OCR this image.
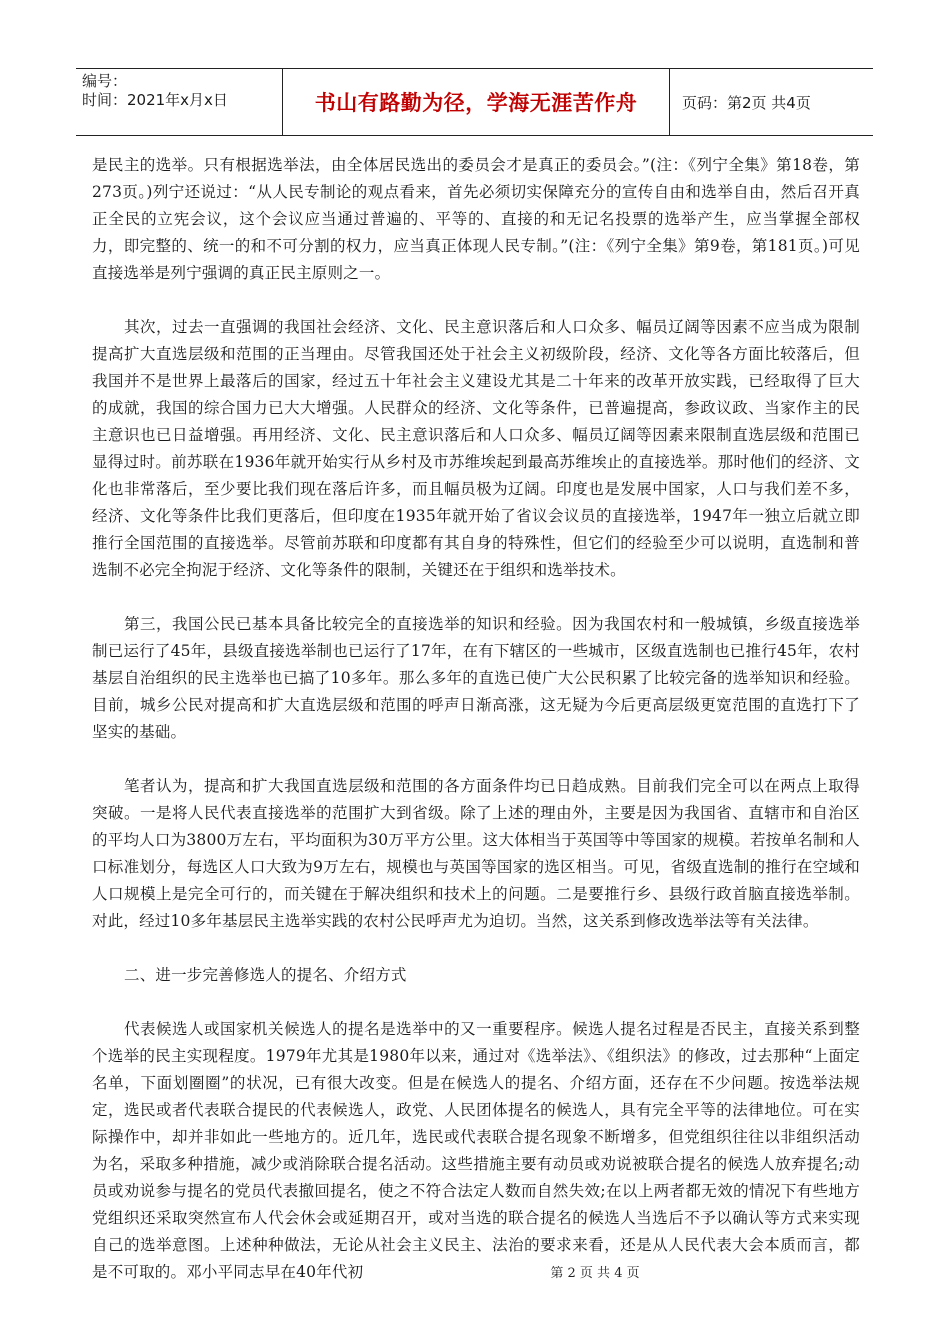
编号：
时间：2021年x月x日	书山有路勤为径，学海无涯苦作舟	页码：第2页 共4页

是民主的选举。只有根据选举法，由全体居民选出的委员会才是真正的委员会。”(注：《列宁全集》第18卷，第273页。)列宁还说过：“从人民专制论的观点看来，首先必须切实保障充分的宣传自由和选举自由，然后召开真正全民的立宪会议，这个会议应当通过普遍的、平等的、直接的和无记名投票的选举产生，应当掌握全部权力，即完整的、统一的和不可分割的权力，应当真正体现人民专制。”(注：《列宁全集》第9卷，第181页。)可见直接选举是列宁强调的真正民主原则之一。

其次，过去一直强调的我国社会经济、文化、民主意识落后和人口众多、幅员辽阔等因素不应当成为限制提高扩大直选层级和范围的正当理由。尽管我国还处于社会主义初级阶段，经济、文化等各方面比较落后，但我国并不是世界上最落后的国家，经过五十年社会主义建设尤其是二十年来的改革开放实践，已经取得了巨大的成就，我国的综合国力已大大增强。人民群众的经济、文化等条件，已普遍提高，参政议政、当家作主的民主意识也已日益增强。再用经济、文化、民主意识落后和人口众多、幅员辽阔等因素来限制直选层级和范围已显得过时。前苏联在1936年就开始实行从乡村及市苏维埃起到最高苏维埃止的直接选举。那时他们的经济、文化也非常落后，至少要比我们现在落后许多，而且幅员极为辽阔。印度也是发展中国家，人口与我们差不多，经济、文化等条件比我们更落后，但印度在1935年就开始了省议会议员的直接选举，1947年一独立后就立即推行全国范围的直接选举。尽管前苏联和印度都有其自身的特殊性，但它们的经验至少可以说明，直选制和普选制不必完全拘泥于经济、文化等条件的限制，关键还在于组织和选举技术。

第三，我国公民已基本具备比较完全的直接选举的知识和经验。因为我国农村和一般城镇，乡级直接选举制已运行了45年，县级直接选举制也已运行了17年，在有下辖区的一些城市，区级直选制也已推行45年，农村基层自治组织的民主选举也已搞了10多年。那么多年的直选已使广大公民积累了比较完备的选举知识和经验。目前，城乡公民对提高和扩大直选层级和范围的呼声日渐高涨，这无疑为今后更高层级更宽范围的直选打下了坚实的基础。

笔者认为，提高和扩大我国直选层级和范围的各方面条件均已日趋成熟。目前我们完全可以在两点上取得突破。一是将人民代表直接选举的范围扩大到省级。除了上述的理由外，主要是因为我国省、直辖市和自治区的平均人口为3800万左右，平均面积为30万平方公里。这大体相当于英国等中等国家的规模。若按单名制和人口标准划分，每选区人口大致为9万左右，规模也与英国等国家的选区相当。可见，省级直选制的推行在空域和人口规模上是完全可行的，而关键在于解决组织和技术上的问题。二是要推行乡、县级行政首脑直接选举制。对此，经过10多年基层民主选举实践的农村公民呼声尤为迫切。当然，这关系到修改选举法等有关法律。

二、进一步完善修选人的提名、介绍方式

代表候选人或国家机关候选人的提名是选举中的又一重要程序。候选人提名过程是否民主，直接关系到整个选举的民主实现程度。1979年尤其是1980年以来，通过对《选举法》、《组织法》的修改，过去那种“上面定名单，下面划圈圈”的状况，已有很大改变。但是在候选人的提名、介绍方面，还存在不少问题。按选举法规定，选民或者代表联合提民的代表候选人，政党、人民团体提名的候选人，具有完全平等的法律地位。可在实际操作中，却并非如此一些地方的。近几年，选民或代表联合提名现象不断增多，但党组织往往以非组织活动为名，采取多种措施，减少或消除联合提名活动。这些措施主要有动员或劝说被联合提名的候选人放弃提名;动员或劝说参与提名的党员代表撤回提名，使之不符合法定人数而自然失效;在以上两者都无效的情况下有些地方党组织还采取突然宣布人代会休会或延期召开，或对当选的联合提名的候选人当选后不予以确认等方式来实现自己的选举意图。上述种种做法，无论从社会主义民主、法治的要求来看，还是从人民代表大会本质而言，都是不可取的。邓小平同志早在40年代初	第 2 页 共 4 页
